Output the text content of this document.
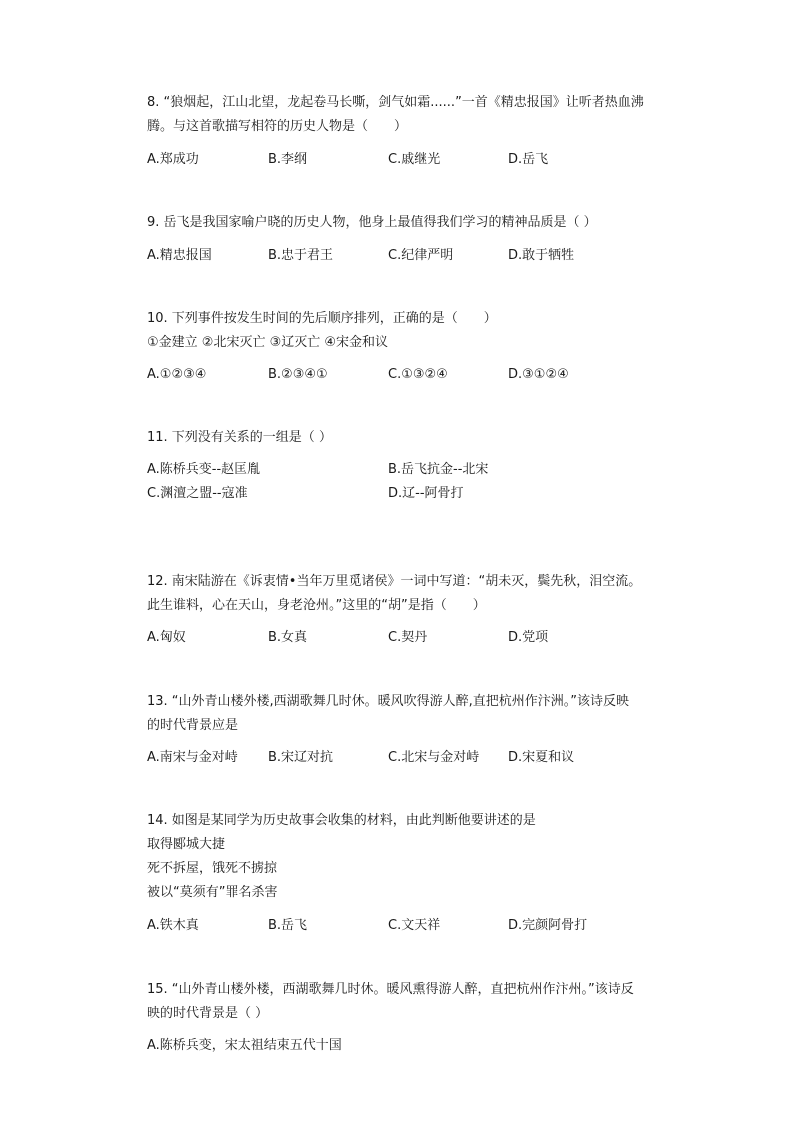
8. “狼烟起，江山北望，龙起卷马长嘶，剑气如霜......”一首《精忠报国》让听者热血沸
腾。与这首歌描写相符的历史人物是（　　）
A.郑成功	B.李纲	C.戚继光	D.岳飞
9. 岳飞是我国家喻户晓的历史人物，他身上最值得我们学习的精神品质是（ ）
A.精忠报国	B.忠于君王	C.纪律严明	D.敢于牺牲
10. 下列事件按发生时间的先后顺序排列，正确的是（　　）
①金建立 ②北宋灭亡 ③辽灭亡 ④宋金和议
A.①②③④	B.②③④①	C.①③②④	D.③①②④
11. 下列没有关系的一组是（ ）
A.陈桥兵变--赵匡胤	B.岳飞抗金--北宋
C.渊澶之盟--寇准	D.辽--阿骨打
12. 南宋陆游在《诉衷情•当年万里觅诸侯》一词中写道：“胡未灭，鬓先秋，泪空流。
此生谁料，心在天山，身老沧州。”这里的“胡”是指（　　）
A.匈奴	B.女真	C.契丹	D.党项
13. “山外青山楼外楼,西湖歌舞几时休。暖风吹得游人醉,直把杭州作汴洲。”该诗反映
的时代背景应是
A.南宋与金对峙 B.宋辽对抗	C.北宋与金对峙 D.宋夏和议
14. 如图是某同学为历史故事会收集的材料，由此判断他要讲述的是
取得郾城大捷
死不拆屋，饿死不掳掠
被以“莫须有”罪名杀害
A.铁木真	B.岳飞	C.文天祥	D.完颜阿骨打
15. “山外青山楼外楼，西湖歌舞几时休。暖风熏得游人醉，直把杭州作汴州。”该诗反
映的时代背景是（ ）
A.陈桥兵变，宋太祖结束五代十国
